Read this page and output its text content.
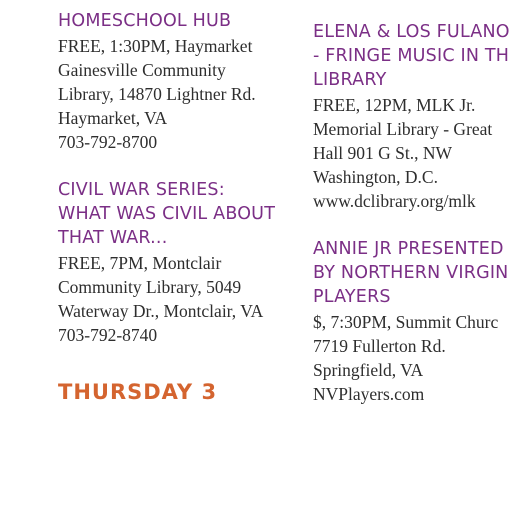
HOMESCHOOL HUB
FREE, 1:30PM, Haymarket
Gainesville Community
Library, 14870 Lightner Rd.
Haymarket, VA
703-792-8700
CIVIL WAR SERIES:
WHAT WAS CIVIL ABOUT
THAT WAR...
FREE, 7PM, Montclair
Community Library, 5049
Waterway Dr., Montclair, VA
703-792-8740
THURSDAY 3
ELENA & LOS FULANO
- FRINGE MUSIC IN TH
LIBRARY
FREE, 12PM, MLK Jr.
Memorial Library - Great
Hall 901 G St., NW
Washington, D.C.
www.dclibrary.org/mlk
ANNIE JR PRESENTED
BY NORTHERN VIRGIN
PLAYERS
$, 7:30PM, Summit Churc
7719 Fullerton Rd.
Springfield, VA
NVPlayers.com
